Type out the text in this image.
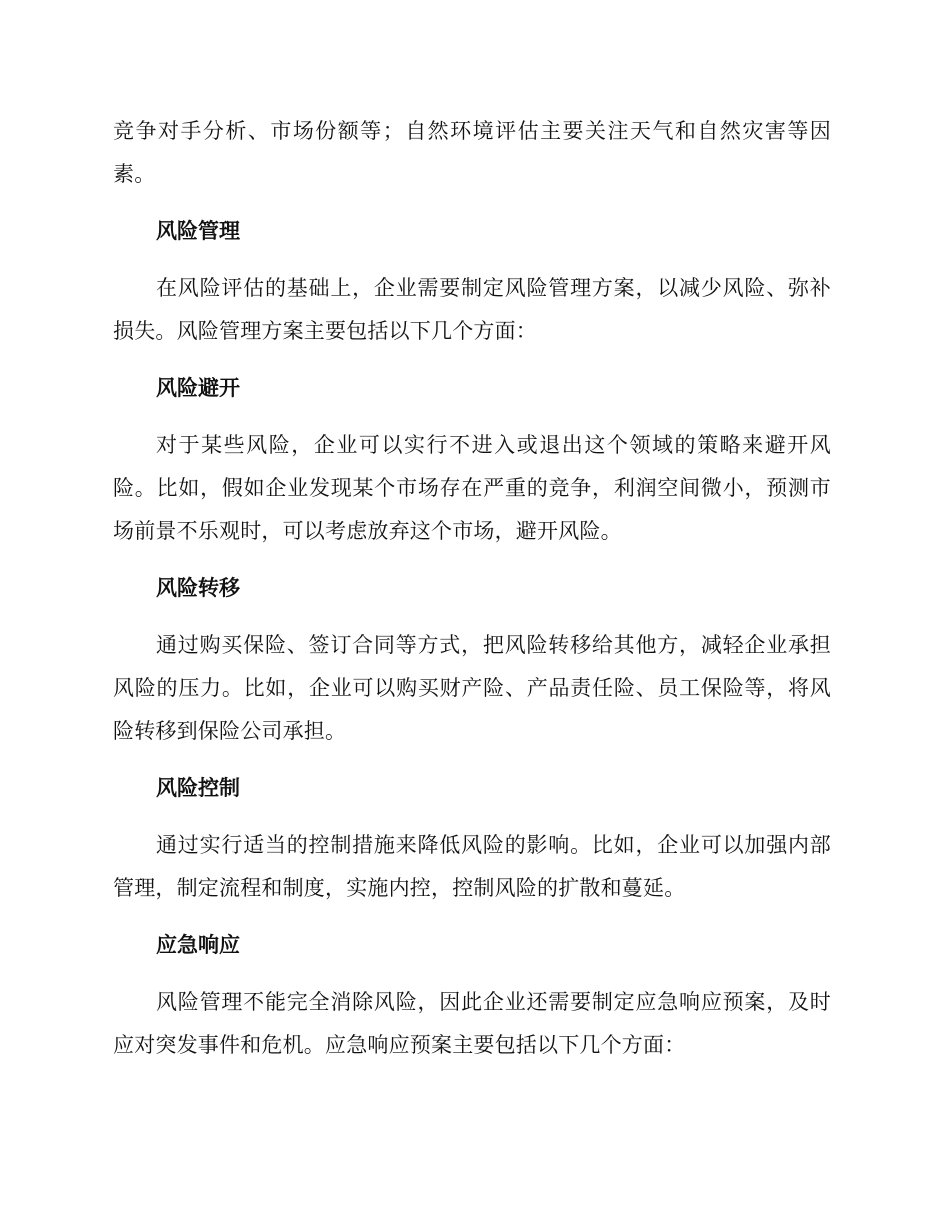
竞争对手分析、市场份额等；自然环境评估主要关注天气和自然灾害等因素。

风险管理

在风险评估的基础上，企业需要制定风险管理方案，以减少风险、弥补损失。风险管理方案主要包括以下几个方面：

风险避开

对于某些风险，企业可以实行不进入或退出这个领域的策略来避开风险。比如，假如企业发现某个市场存在严重的竞争，利润空间微小，预测市场前景不乐观时，可以考虑放弃这个市场，避开风险。

风险转移

通过购买保险、签订合同等方式，把风险转移给其他方，减轻企业承担风险的压力。比如，企业可以购买财产险、产品责任险、员工保险等，将风险转移到保险公司承担。

风险控制

通过实行适当的控制措施来降低风险的影响。比如，企业可以加强内部管理，制定流程和制度，实施内控，控制风险的扩散和蔓延。

应急响应

风险管理不能完全消除风险，因此企业还需要制定应急响应预案，及时应对突发事件和危机。应急响应预案主要包括以下几个方面：
